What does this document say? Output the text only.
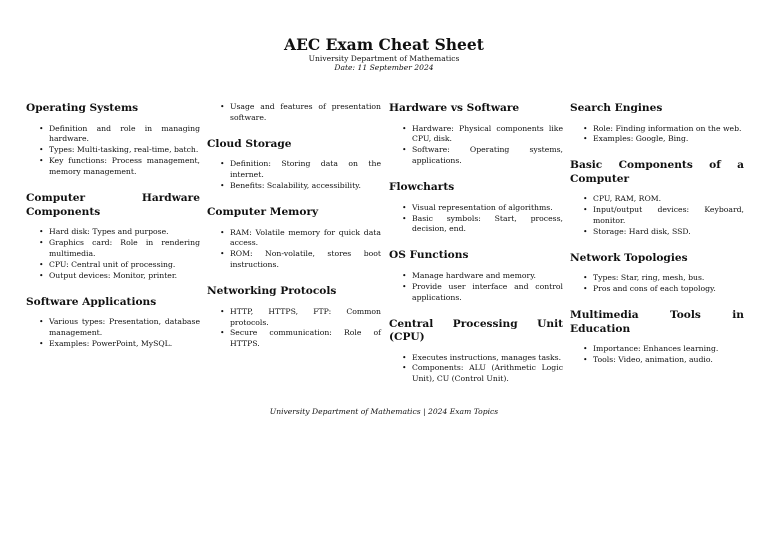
AEC Exam Cheat Sheet
University Department of Mathematics
Date: 11 September 2024
Operating Systems
• Definition and role in managing hardware.
• Types: Multi-tasking, real-time, batch.
• Key functions: Process management, memory management.
Computer Hardware Components
• Hard disk: Types and purpose.
• Graphics card: Role in rendering multimedia.
• CPU: Central unit of processing.
• Output devices: Monitor, printer.
Software Applications
• Various types: Presentation, database management.
• Examples: PowerPoint, MySQL.
• Usage and features of presentation software.
Cloud Storage
• Definition: Storing data on the internet.
• Benefits: Scalability, accessibility.
Computer Memory
• RAM: Volatile memory for quick data access.
• ROM: Non-volatile, stores boot instructions.
Networking Protocols
• HTTP, HTTPS, FTP: Common protocols.
• Secure communication: Role of HTTPS.
Hardware vs Software
• Hardware: Physical components like CPU, disk.
• Software: Operating systems, applications.
Flowcharts
• Visual representation of algorithms.
• Basic symbols: Start, process, decision, end.
OS Functions
• Manage hardware and memory.
• Provide user interface and control applications.
Central Processing Unit (CPU)
• Executes instructions, manages tasks.
• Components: ALU (Arithmetic Logic Unit), CU (Control Unit).
Search Engines
• Role: Finding information on the web.
• Examples: Google, Bing.
Basic Components of a Computer
• CPU, RAM, ROM.
• Input/output devices: Keyboard, monitor.
• Storage: Hard disk, SSD.
Network Topologies
• Types: Star, ring, mesh, bus.
• Pros and cons of each topology.
Multimedia Tools in Education
• Importance: Enhances learning.
• Tools: Video, animation, audio.
University Department of Mathematics | 2024 Exam Topics
